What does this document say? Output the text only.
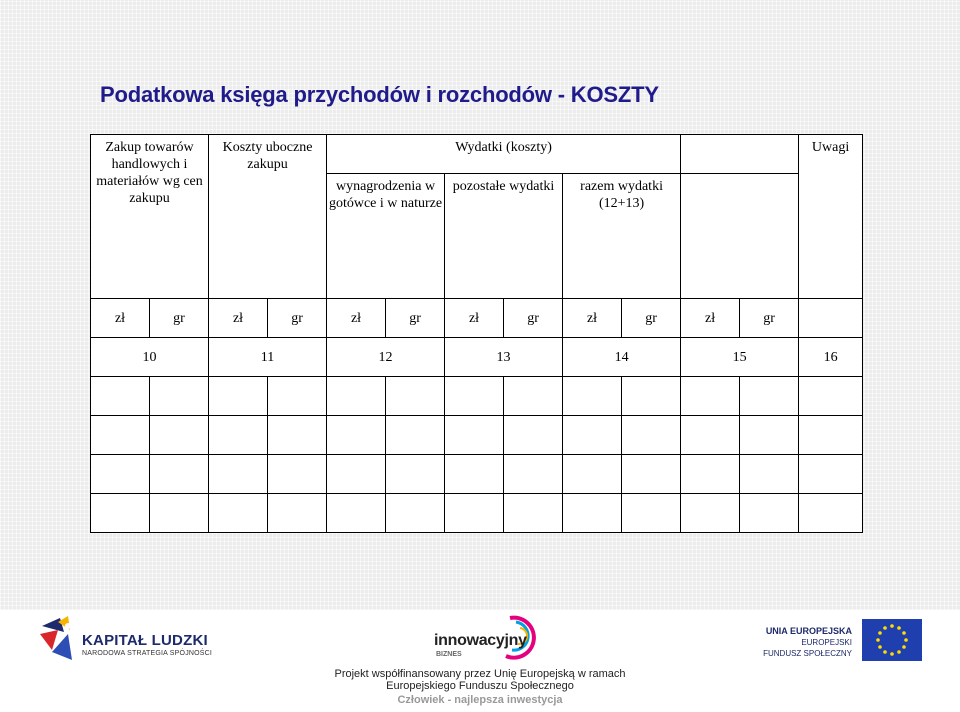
Podatkowa księga przychodów i rozchodów - KOSZTY
Zakup towarów handlowych i materiałów wg cen zakupu		Koszty uboczne zakupu		Wydatki (koszty)								Uwagi

				wynagrodzenia w gotówce i w naturze		pozostałe wydatki		razem wydatki (12+13)				

zł	gr	zł	gr	zł	gr	zł	gr	zł	gr	zł	gr	
10		11		12		13		14		15		16

KAPITAŁ LUDZKI
NARODOWA STRATEGIA SPÓJNOŚCI
innowacyjny
BIZNES
UNIA EUROPEJSKA
EUROPEJSKI
FUNDUSZ SPOŁECZNY
Projekt współfinansowany przez Unię Europejską w ramach
Europejskiego Funduszu Społecznego
Człowiek - najlepsza inwestycja
